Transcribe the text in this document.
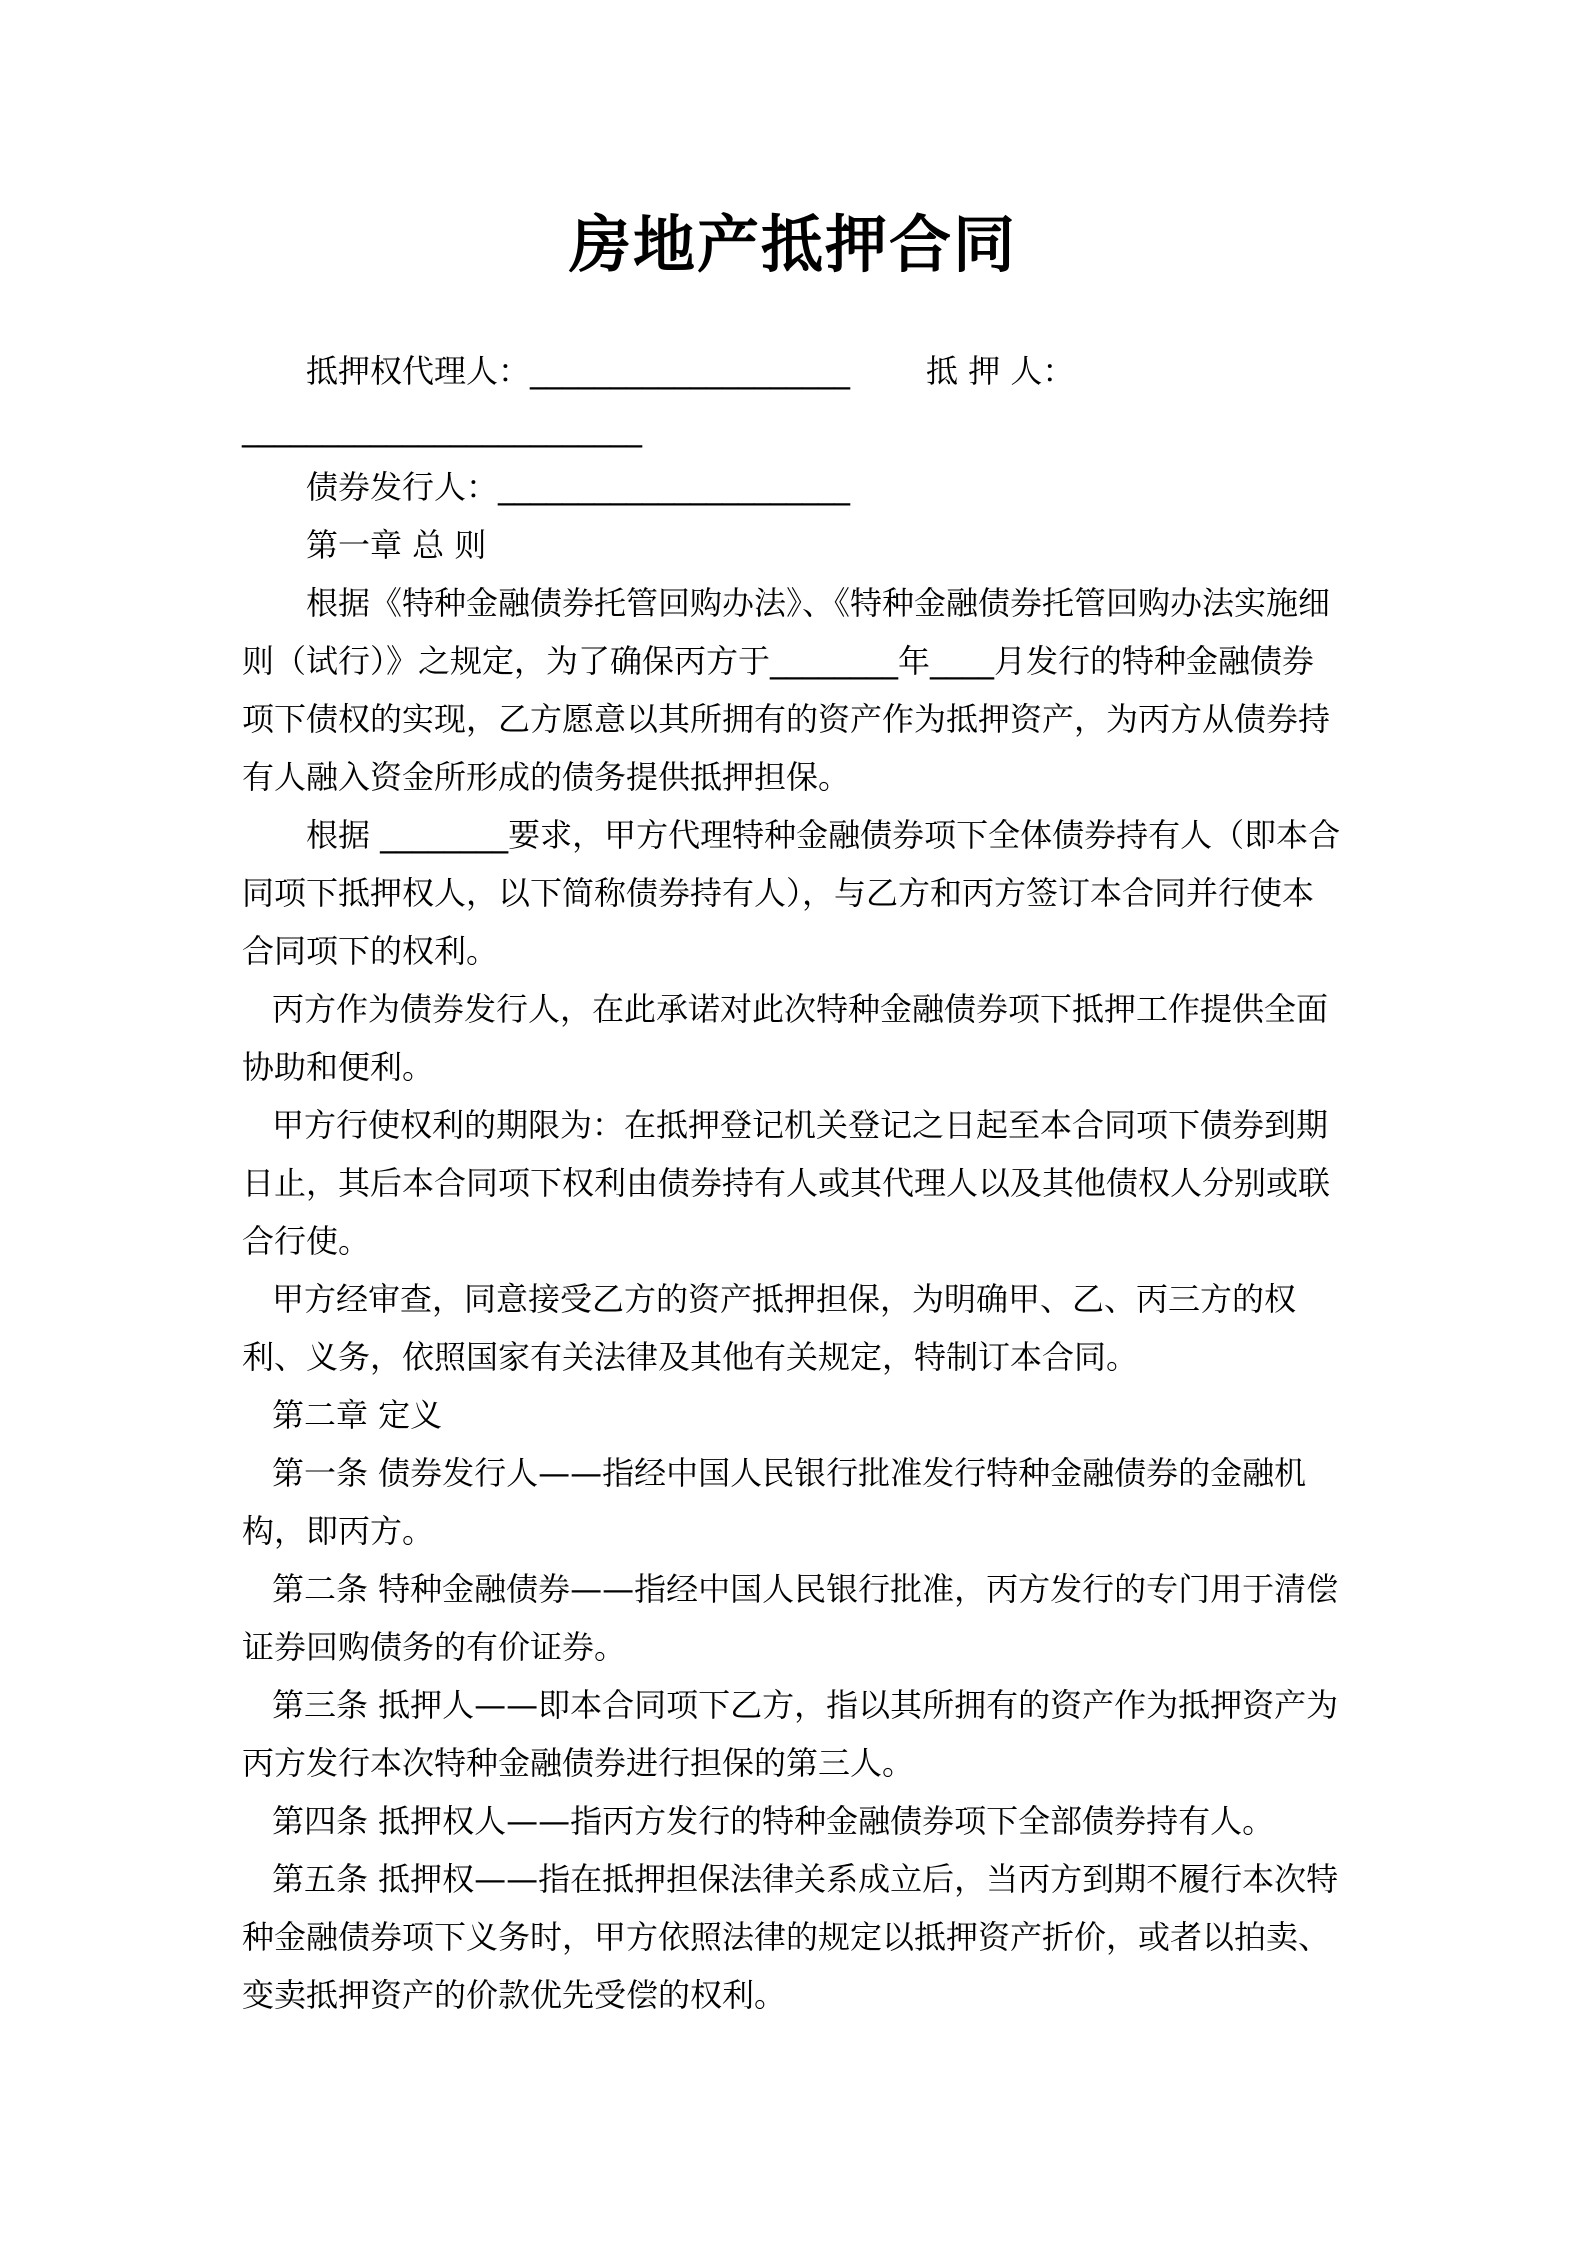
房地产抵押合同

抵押权代理人：____________________ 抵 押 人：

_________________________

债券发行人：______________________

第一章 总 则

根据《特种金融债券托管回购办法》、《特种金融债券托管回购办法实施细则（试行）》之规定，为了确保丙方于________年____月发行的特种金融债券项下债权的实现，乙方愿意以其所拥有的资产作为抵押资产，为丙方从债券持有人融入资金所形成的债务提供抵押担保。

根据 ________要求，甲方代理特种金融债券项下全体债券持有人（即本合同项下抵押权人，以下简称债券持有人），与乙方和丙方签订本合同并行使本合同项下的权利。

丙方作为债券发行人，在此承诺对此次特种金融债券项下抵押工作提供全面协助和便利。

甲方行使权利的期限为：在抵押登记机关登记之日起至本合同项下债券到期日止，其后本合同项下权利由债券持有人或其代理人以及其他债权人分别或联合行使。

甲方经审查，同意接受乙方的资产抵押担保，为明确甲、乙、丙三方的权利、义务，依照国家有关法律及其他有关规定，特制订本合同。

第二章 定义

第一条 债券发行人——指经中国人民银行批准发行特种金融债券的金融机构，即丙方。

第二条 特种金融债券——指经中国人民银行批准，丙方发行的专门用于清偿证券回购债务的有价证券。

第三条 抵押人——即本合同项下乙方，指以其所拥有的资产作为抵押资产为丙方发行本次特种金融债券进行担保的第三人。

第四条 抵押权人——指丙方发行的特种金融债券项下全部债券持有人。

第五条 抵押权——指在抵押担保法律关系成立后，当丙方到期不履行本次特种金融债券项下义务时，甲方依照法律的规定以抵押资产折价，或者以拍卖、变卖抵押资产的价款优先受偿的权利。
